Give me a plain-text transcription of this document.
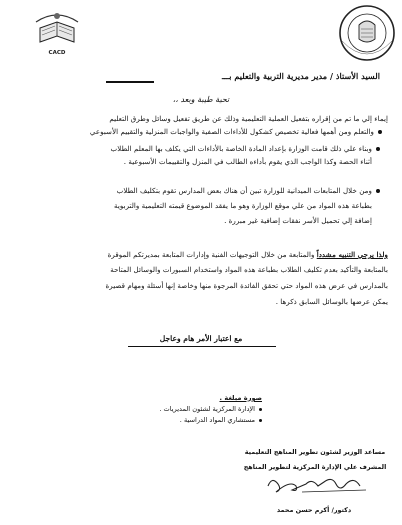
CACD
السيد الأستاذ / مدير مديرية التربية والتعليم بـــ
تحية طيبة وبعد ،،
إيماء إلي ما تم من إقراره بتفعيل العملية التعليمية وذلك عن طريق تفعيل وسائل وطرق التعليم
والتعلم ومن أهمها فعالية تخصيص كشكول للأداءات الصفية والواجبات المنزلية والتقييم الأسبوعي
وبناء علي ذلك قامت الوزارة بإعداد المادة الخاصة بالأداءات التي يكلف بها المعلم الطلاب
أثناء الحصة وكذا الواجب الذي يقوم بأداءه الطالب في المنزل والتقييمات الأسبوعية .
ومن خلال المتابعات الميدانية للوزارة تبين أن هناك بعض المدارس تقوم بتكليف الطلاب
بطباعة هذه المواد من علي موقع الوزارة وهو ما يفقد الموضوع قيمته التعليمية والتربوية
إضافة إلي تحميل الأسر نفقات إضافية غير مبررة .
ولذا يرجي التنبيه مشدداً والمتابعة من خلال التوجيهات الفنية وإدارات المتابعة بمديرتكم الموقرة
بالمتابعة والتأكيد بعدم تكليف الطلاب بطباعة هذه المواد واستخدام السبورات والوسائل المتاحة
بالمدارس في عرض هذه المواد حتي تحقق الفائدة المرجوة منها وخاصة إنها أسئلة ومهام قصيرة
يمكن عرضها بالوسائل السابق ذكرها .
مع اعتبار الأمر هام وعاجل
صورة مبلغة .
الإدارة المركزية لشئون المديريات .
مستشاري المواد الدراسية .
مساعد الوزير لشئون تطوير المناهج التعليمية
المشرف علي الإدارة المركزية لتطوير المناهج
دكتور/ أكرم حسن محمد
